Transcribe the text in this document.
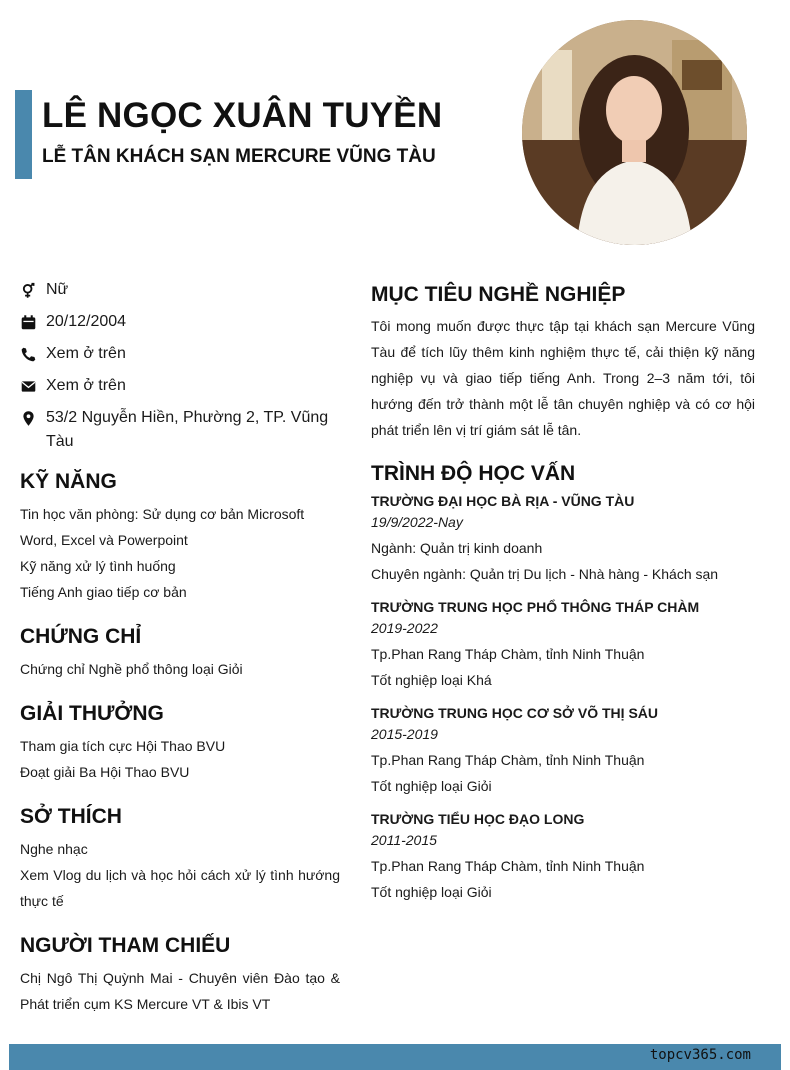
LÊ NGỌC XUÂN TUYỀN
LỄ TÂN KHÁCH SẠN MERCURE VŨNG TÀU
Nữ
20/12/2004
Xem ở trên
Xem ở trên
53/2 Nguyễn Hiền, Phường 2, TP. Vũng Tàu
KỸ NĂNG
Tin học văn phòng: Sử dụng cơ bản Microsoft Word, Excel và Powerpoint
Kỹ năng xử lý tình huống
Tiếng Anh giao tiếp cơ bản
CHỨNG CHỈ
Chứng chỉ Nghề phổ thông loại Giỏi
GIẢI THƯỞNG
Tham gia tích cực Hội Thao BVU
Đoạt giải Ba Hội Thao BVU
SỞ THÍCH
Nghe nhạc
Xem Vlog du lịch và học hỏi cách xử lý tình hướng thực tế
NGƯỜI THAM CHIẾU
Chị Ngô Thị Quỳnh Mai - Chuyên viên Đào tạo & Phát triển cụm KS Mercure VT & Ibis VT
MỤC TIÊU NGHỀ NGHIỆP

Tôi mong muốn được thực tập tại khách sạn Mercure Vũng Tàu để tích lũy thêm kinh nghiệm thực tế, cải thiện kỹ năng nghiệp vụ và giao tiếp tiếng Anh. Trong 2–3 năm tới, tôi hướng đến trở thành một lễ tân chuyên nghiệp và có cơ hội phát triển lên vị trí giám sát lễ tân.

TRÌNH ĐỘ HỌC VẤN
TRƯỜNG ĐẠI HỌC BÀ RỊA - VŨNG TÀU
19/9/2022-Nay
Ngành: Quản trị kinh doanh
Chuyên ngành: Quản trị Du lịch - Nhà hàng - Khách sạn
TRƯỜNG TRUNG HỌC PHỔ THÔNG THÁP CHÀM
2019-2022
Tp.Phan Rang Tháp Chàm, tỉnh Ninh Thuận
Tốt nghiệp loại Khá
TRƯỜNG TRUNG HỌC CƠ SỞ VÕ THỊ SÁU
2015-2019
Tp.Phan Rang Tháp Chàm, tỉnh Ninh Thuận
Tốt nghiệp loại Giỏi
TRƯỜNG TIỂU HỌC ĐẠO LONG
2011-2015
Tp.Phan Rang Tháp Chàm, tỉnh Ninh Thuận
Tốt nghiệp loại Giỏi
topcv365.com
